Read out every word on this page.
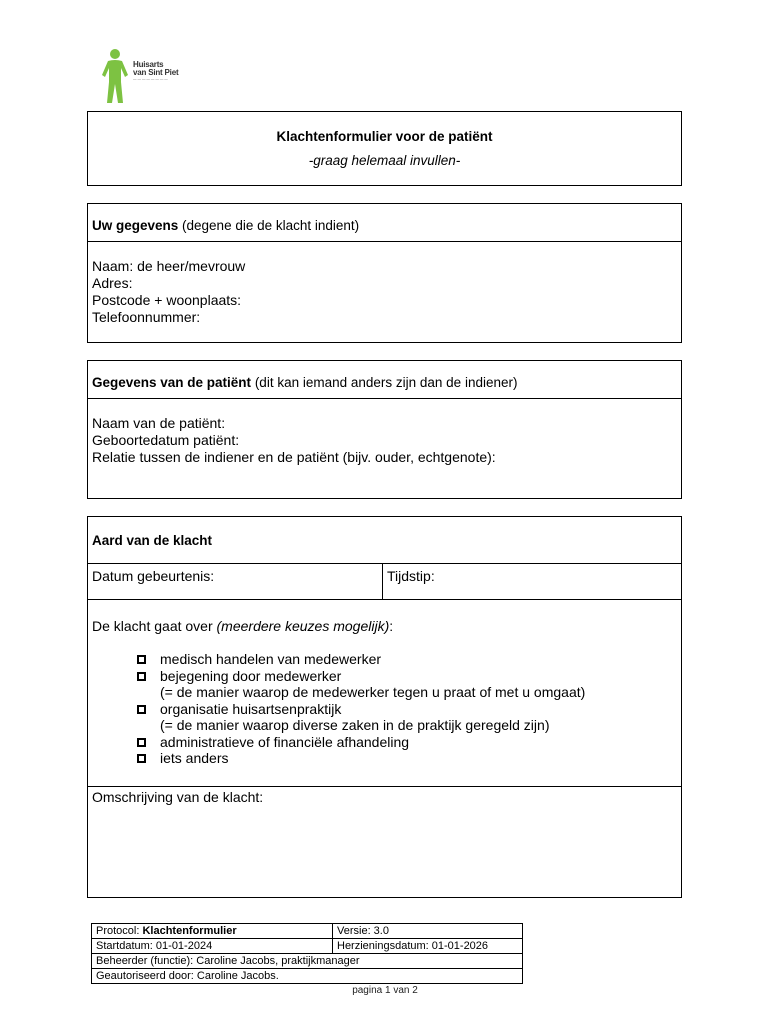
Huisarts
van Sint Piet
— — — — — — — —
Klachtenformulier voor de patiënt
-graag helemaal invullen-
Uw gegevens (degene die de klacht indient)
Naam: de heer/mevrouw
Adres:
Postcode + woonplaats:
Telefoonnummer:
Gegevens van de patiënt (dit kan iemand anders zijn dan de indiener)
Naam van de patiënt:
Geboortedatum patiënt:
Relatie tussen de indiener en de patiënt (bijv. ouder, echtgenote):
Aard van de klacht
Datum gebeurtenis:	Tijdstip:
De klacht gaat over (meerdere keuzes mogelijk):
medisch handelen van medewerker
bejegening door medewerker
(= de manier waarop de medewerker tegen u praat of met u omgaat)
organisatie huisartsenpraktijk
(= de manier waarop diverse zaken in de praktijk geregeld zijn)
administratieve of financiële afhandeling
iets anders
Omschrijving van de klacht:
Protocol: Klachtenformulier	Versie: 3.0
Startdatum: 01-01-2024	Herzieningsdatum: 01-01-2026
Beheerder (functie): Caroline Jacobs, praktijkmanager	
Geautoriseerd door: Caroline Jacobs.	
pagina 1 van 2
